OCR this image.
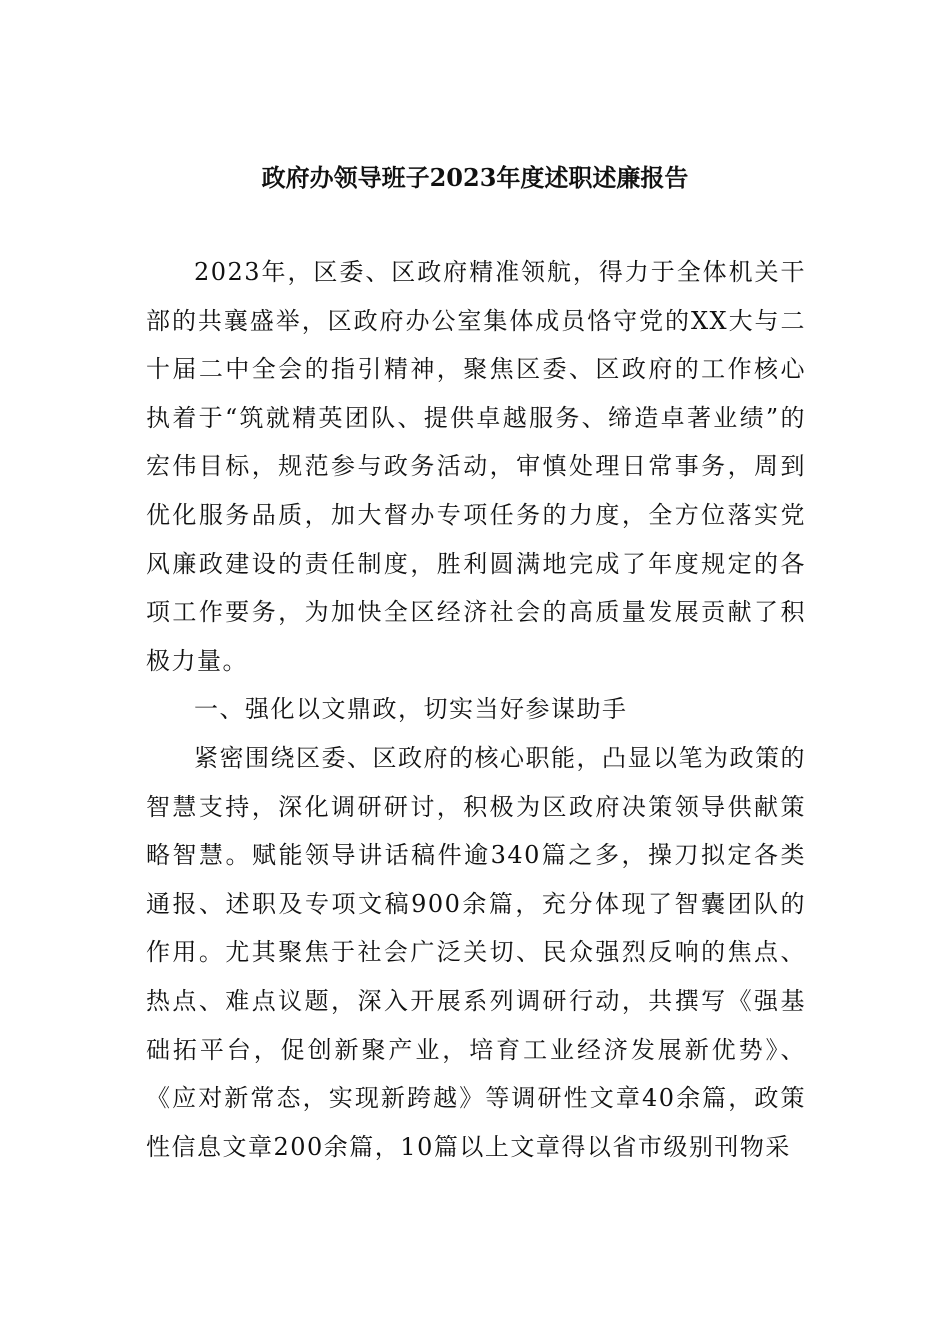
政府办领导班子2023年度述职述廉报告

2023年，区委、区政府精准领航，得力于全体机关干部的共襄盛举，区政府办公室集体成员恪守党的XX大与二十届二中全会的指引精神，聚焦区委、区政府的工作核心执着于“筑就精英团队、提供卓越服务、缔造卓著业绩”的宏伟目标，规范参与政务活动，审慎处理日常事务，周到优化服务品质，加大督办专项任务的力度，全方位落实党风廉政建设的责任制度，胜利圆满地完成了年度规定的各项工作要务，为加快全区经济社会的高质量发展贡献了积极力量。

一、强化以文鼎政，切实当好参谋助手

紧密围绕区委、区政府的核心职能，凸显以笔为政策的智慧支持，深化调研研讨，积极为区政府决策领导供献策略智慧。赋能领导讲话稿件逾340篇之多，操刀拟定各类通报、述职及专项文稿900余篇，充分体现了智囊团队的作用。尤其聚焦于社会广泛关切、民众强烈反响的焦点、热点、难点议题，深入开展系列调研行动，共撰写《强基础拓平台，促创新聚产业，培育工业经济发展新优势》、《应对新常态，实现新跨越》等调研性文章40余篇，政策性信息文章200余篇，10篇以上文章得以省市级别刊物采
